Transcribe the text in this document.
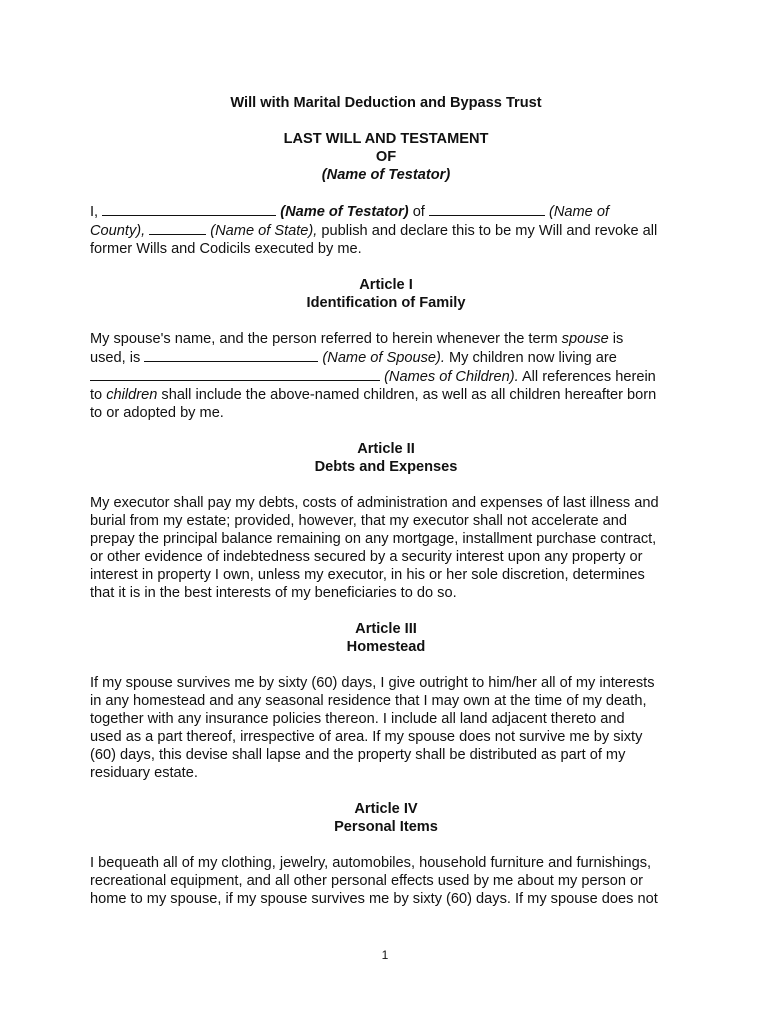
Will with Marital Deduction and Bypass Trust

LAST WILL AND TESTAMENT
OF
(Name of Testator)

I,	(Name of Testator) of	(Name of
County),	(Name of State), publish and declare this to be my Will and revoke all
former Wills and Codicils executed by me.

Article I
Identification of Family

My spouse's name, and the person referred to herein whenever the term spouse is
used, is	(Name of Spouse). My children now living are
(Names of Children). All references herein
to children shall include the above-named children, as well as all children hereafter born
to or adopted by me.

Article II
Debts and Expenses

My executor shall pay my debts, costs of administration and expenses of last illness and
burial from my estate; provided, however, that my executor shall not accelerate and
prepay the principal balance remaining on any mortgage, installment purchase contract,
or other evidence of indebtedness secured by a security interest upon any property or
interest in property I own, unless my executor, in his or her sole discretion, determines
that it is in the best interests of my beneficiaries to do so.

Article III
Homestead

If my spouse survives me by sixty (60) days, I give outright to him/her all of my interests
in any homestead and any seasonal residence that I may own at the time of my death,
together with any insurance policies thereon. I include all land adjacent thereto and
used as a part thereof, irrespective of area. If my spouse does not survive me by sixty
(60) days, this devise shall lapse and the property shall be distributed as part of my
residuary estate.

Article IV
Personal Items

I bequeath all of my clothing, jewelry, automobiles, household furniture and furnishings,
recreational equipment, and all other personal effects used by me about my person or
home to my spouse, if my spouse survives me by sixty (60) days. If my spouse does not

1
